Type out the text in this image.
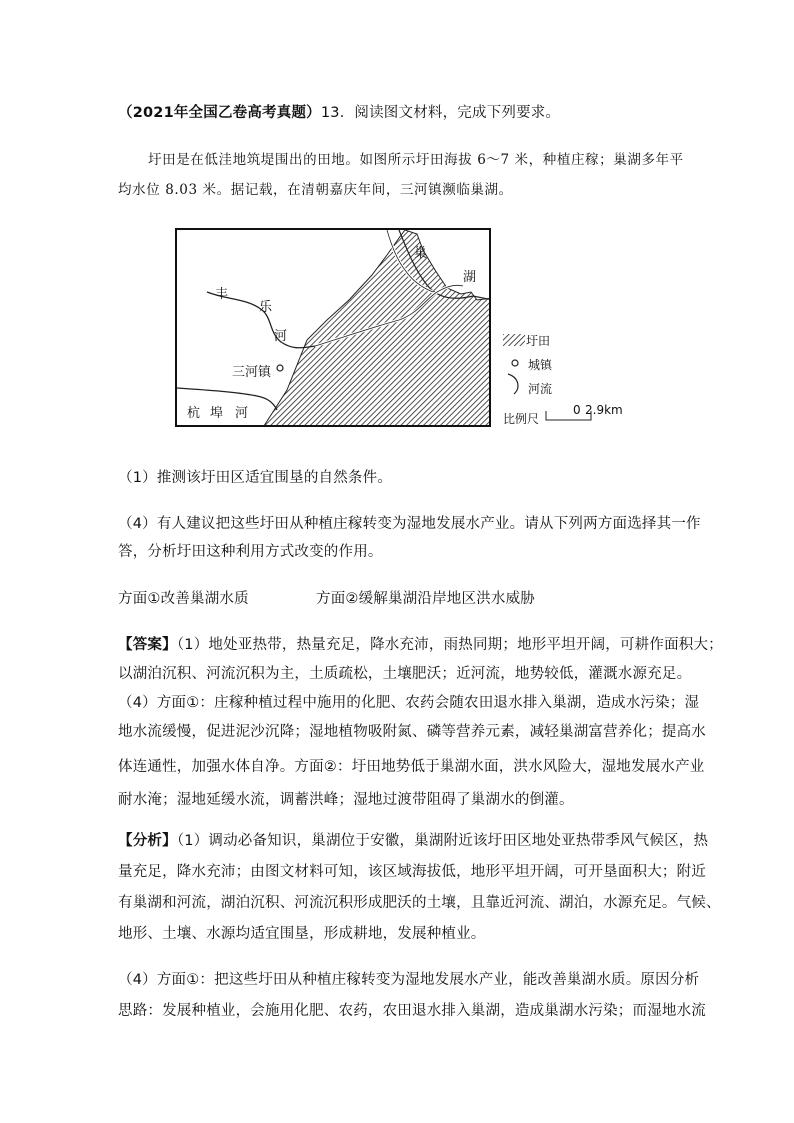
（2021年全国乙卷高考真题）13．阅读图文材料，完成下列要求。
圩田是在低洼地筑堤围出的田地。如图所示圩田海拔 6～7 米，种植庄稼；巢湖多年平
均水位 8.03 米。据记载，在清朝嘉庆年间，三河镇濒临巢湖。
巢
湖
丰
乐
河
三河镇
杭 埠 河
圩田
城镇
河流
比例尺
0 2.9km
（1）推测该圩田区适宜围垦的自然条件。
（4）有人建议把这些圩田从种植庄稼转变为湿地发展水产业。请从下列两方面选择其一作
答，分析圩田这种利用方式改变的作用。
方面①改善巢湖水质	方面②缓解巢湖沿岸地区洪水威胁
【答案】（1）地处亚热带，热量充足，降水充沛，雨热同期；地形平坦开阔，可耕作面积大；
以湖泊沉积、河流沉积为主，土质疏松，土壤肥沃；近河流，地势较低，灌溉水源充足。
（4）方面①：庄稼种植过程中施用的化肥、农药会随农田退水排入巢湖，造成水污染；湿
地水流缓慢，促进泥沙沉降；湿地植物吸附氮、磷等营养元素，减轻巢湖富营养化；提高水
体连通性，加强水体自净。方面②：圩田地势低于巢湖水面，洪水风险大，湿地发展水产业
耐水淹；湿地延缓水流，调蓄洪峰；湿地过渡带阻碍了巢湖水的倒灌。
【分析】（1）调动必备知识，巢湖位于安徽，巢湖附近该圩田区地处亚热带季风气候区，热
量充足，降水充沛；由图文材料可知，该区域海拔低，地形平坦开阔，可开垦面积大；附近
有巢湖和河流，湖泊沉积、河流沉积形成肥沃的土壤，且靠近河流、湖泊，水源充足。气候、
地形、土壤、水源均适宜围垦，形成耕地，发展种植业。
（4）方面①：把这些圩田从种植庄稼转变为湿地发展水产业，能改善巢湖水质。原因分析
思路：发展种植业，会施用化肥、农药，农田退水排入巢湖，造成巢湖水污染；而湿地水流
